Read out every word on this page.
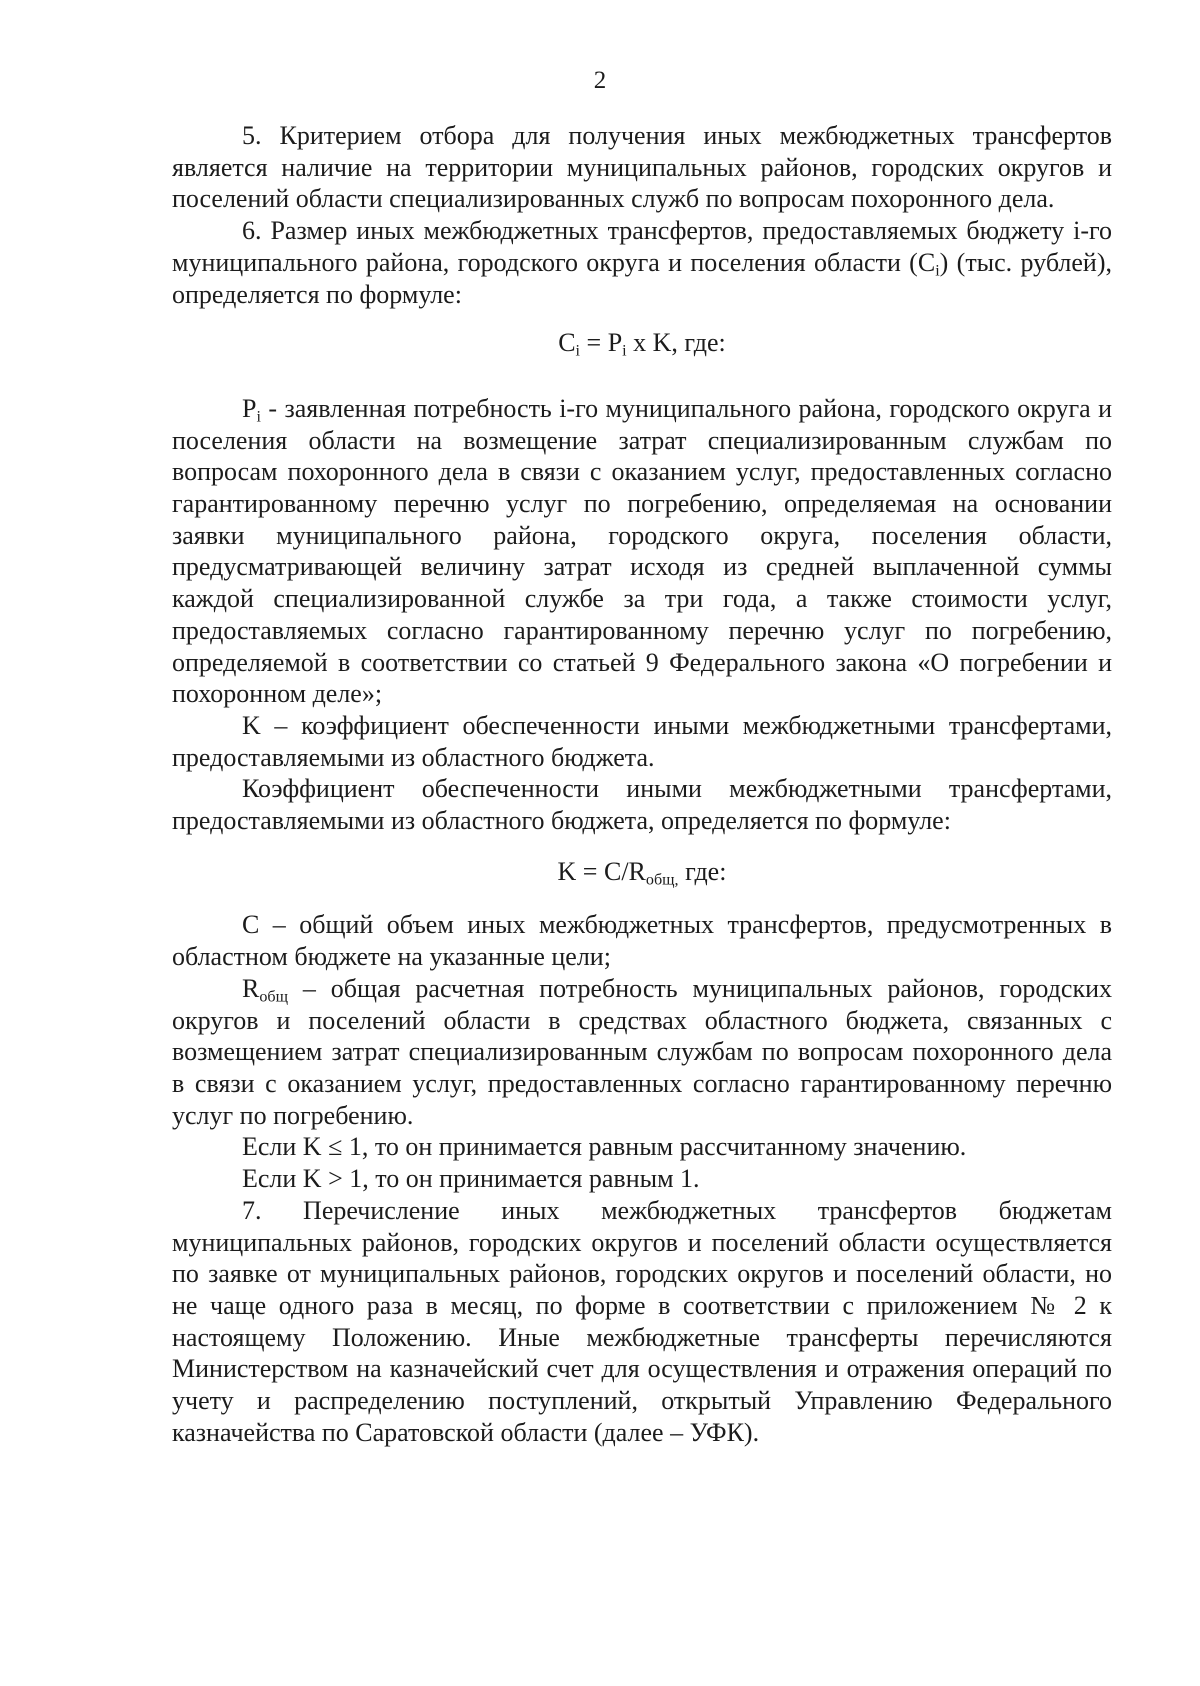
2

5. Критерием отбора для получения иных межбюджетных трансфертов является наличие на территории муниципальных районов, городских округов и поселений области специализированных служб по вопросам похоронного дела.

6. Размер иных межбюджетных трансфертов, предоставляемых бюджету i-го муниципального района, городского округа и поселения области $(C_i)$ (тыс. рублей), определяется по формуле:

$C_i = P_i$ x K, где:

$P_i$ - заявленная потребность i-го муниципального района, городского округа и поселения области на возмещение затрат специализированным службам по вопросам похоронного дела в связи с оказанием услуг, предоставленных согласно гарантированному перечню услуг по погребению, определяемая на основании заявки муниципального района, городского округа, поселения области, предусматривающей величину затрат исходя из средней выплаченной суммы каждой специализированной службе за три года, а также стоимости услуг, предоставляемых согласно гарантированному перечню услуг по погребению, определяемой в соответствии со статьей 9 Федерального закона «О погребении и похоронном деле»;

K – коэффициент обеспеченности иными межбюджетными трансфертами, предоставляемыми из областного бюджета.

Коэффициент обеспеченности иными межбюджетными трансфертами, предоставляемыми из областного бюджета, определяется по формуле:

$K = C/R_{общ,}$ где:

C – общий объем иных межбюджетных трансфертов, предусмотренных в областном бюджете на указанные цели;

$R_{общ}$ – общая расчетная потребность муниципальных районов, городских округов и поселений области в средствах областного бюджета, связанных с возмещением затрат специализированным службам по вопросам похоронного дела в связи с оказанием услуг, предоставленных согласно гарантированному перечню услуг по погребению.

Если K ≤ 1, то он принимается равным рассчитанному значению.

Если K > 1, то он принимается равным 1.

7. Перечисление иных межбюджетных трансфертов бюджетам муниципальных районов, городских округов и поселений области осуществляется по заявке от муниципальных районов, городских округов и поселений области, но не чаще одного раза в месяц, по форме в соответствии с приложением № 2 к настоящему Положению. Иные межбюджетные трансферты перечисляются Министерством на казначейский счет для осуществления и отражения операций по учету и распределению поступлений, открытый Управлению Федерального казначейства по Саратовской области (далее – УФК).
